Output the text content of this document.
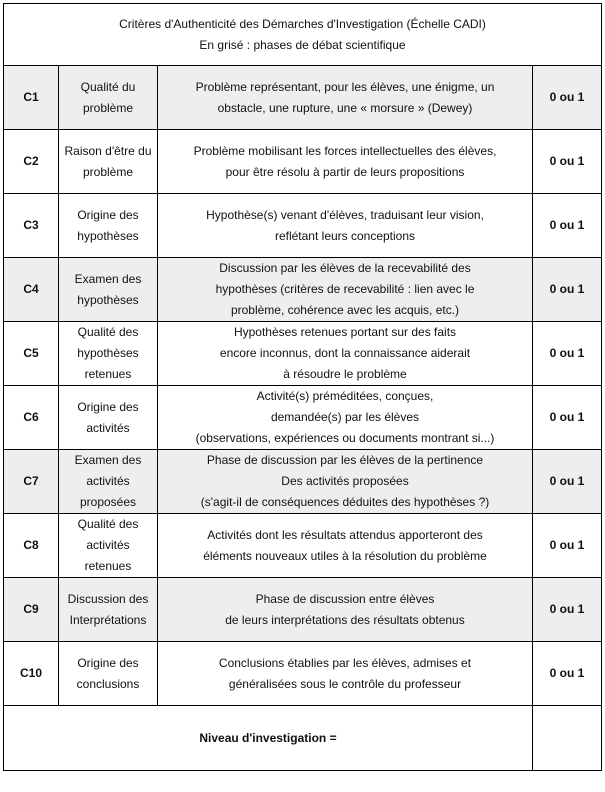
Critères d'Authenticité des Démarches d'Investigation (Échelle CADI)
En grisé : phases de débat scientifique			

C1	Qualité du problème	Problème représentant, pour les élèves, une énigme, un
obstacle, une rupture, une « morsure » (Dewey)	0 ou 1
C2	Raison d'être du
problème	Problème mobilisant les forces intellectuelles des élèves,
pour être résolu à partir de leurs propositions	0 ou 1
C3	Origine des
hypothèses	Hypothèse(s) venant d'élèves, traduisant leur vision,
reflétant leurs conceptions	0 ou 1
C4	Examen des
hypothèses	Discussion par les élèves de la recevabilité des
hypothèses (critères de recevabilité : lien avec le
problème, cohérence avec les acquis, etc.)	0 ou 1
C5	Qualité des
hypothèses
retenues	Hypothèses retenues portant sur des faits
encore inconnus, dont la connaissance aiderait
à résoudre le problème	0 ou 1
C6	Origine des activités	Activité(s) préméditées, conçues,
demandée(s) par les élèves
(observations, expériences ou documents montrant si...)	0 ou 1
C7	Examen des
activités proposées	Phase de discussion par les élèves de la pertinence
Des activités proposées
(s'agit-il de conséquences déduites des hypothèses ?)	0 ou 1
C8	Qualité des activités
retenues	Activités dont les résultats attendus apporteront des
éléments nouveaux utiles à la résolution du problème	0 ou 1
C9	Discussion des
Interprétations	Phase de discussion entre élèves
de leurs interprétations des résultats obtenus	0 ou 1
C10	Origine des
conclusions	Conclusions établies par les élèves, admises et
généralisées sous le contrôle du professeur	0 ou 1
Niveau d'investigation =			
